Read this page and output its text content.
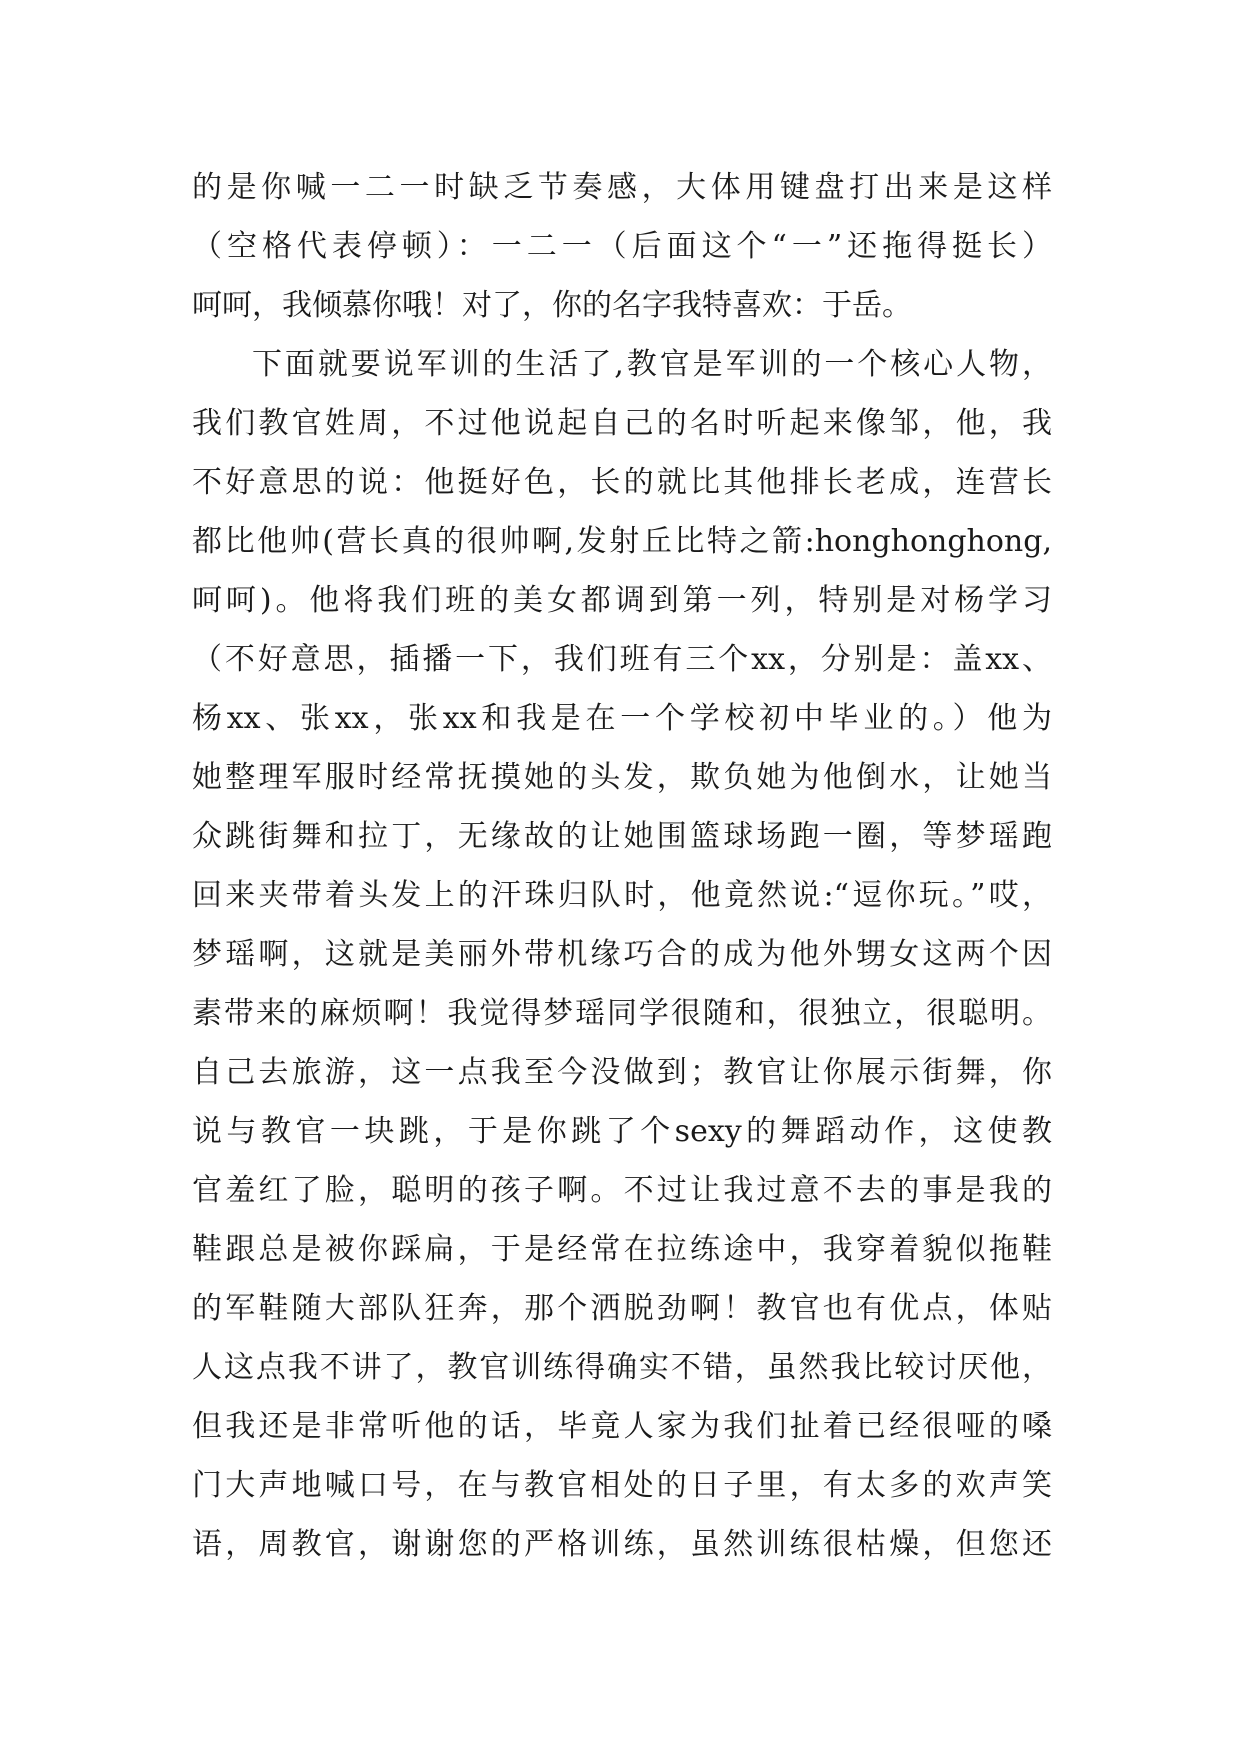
的是你喊一二一时缺乏节奏感，大体用键盘打出来是这样
（空格代表停顿）：一二一（后面这个“一”还拖得挺长）
呵呵，我倾慕你哦！对了，你的名字我特喜欢：于岳。
下面就要说军训的生活了,教官是军训的一个核心人物，
我们教官姓周，不过他说起自己的名时听起来像邹，他，我
不好意思的说：他挺好色，长的就比其他排长老成，连营长
都比他帅(营长真的很帅啊,发射丘比特之箭:honghonghong,
呵呵)。他将我们班的美女都调到第一列，特别是对杨学习
（不好意思，插播一下，我们班有三个xx，分别是：盖xx、
杨xx、张xx，张xx和我是在一个学校初中毕业的。）他为
她整理军服时经常抚摸她的头发，欺负她为他倒水，让她当
众跳街舞和拉丁，无缘故的让她围篮球场跑一圈，等梦瑶跑
回来夹带着头发上的汗珠归队时，他竟然说:“逗你玩。”哎，
梦瑶啊，这就是美丽外带机缘巧合的成为他外甥女这两个因
素带来的麻烦啊！我觉得梦瑶同学很随和，很独立，很聪明。
自己去旅游，这一点我至今没做到；教官让你展示街舞，你
说与教官一块跳，于是你跳了个sexy的舞蹈动作，这使教
官羞红了脸，聪明的孩子啊。不过让我过意不去的事是我的
鞋跟总是被你踩扁，于是经常在拉练途中，我穿着貌似拖鞋
的军鞋随大部队狂奔，那个洒脱劲啊！教官也有优点，体贴
人这点我不讲了，教官训练得确实不错，虽然我比较讨厌他，
但我还是非常听他的话，毕竟人家为我们扯着已经很哑的嗓
门大声地喊口号，在与教官相处的日子里，有太多的欢声笑
语，周教官，谢谢您的严格训练，虽然训练很枯燥，但您还
